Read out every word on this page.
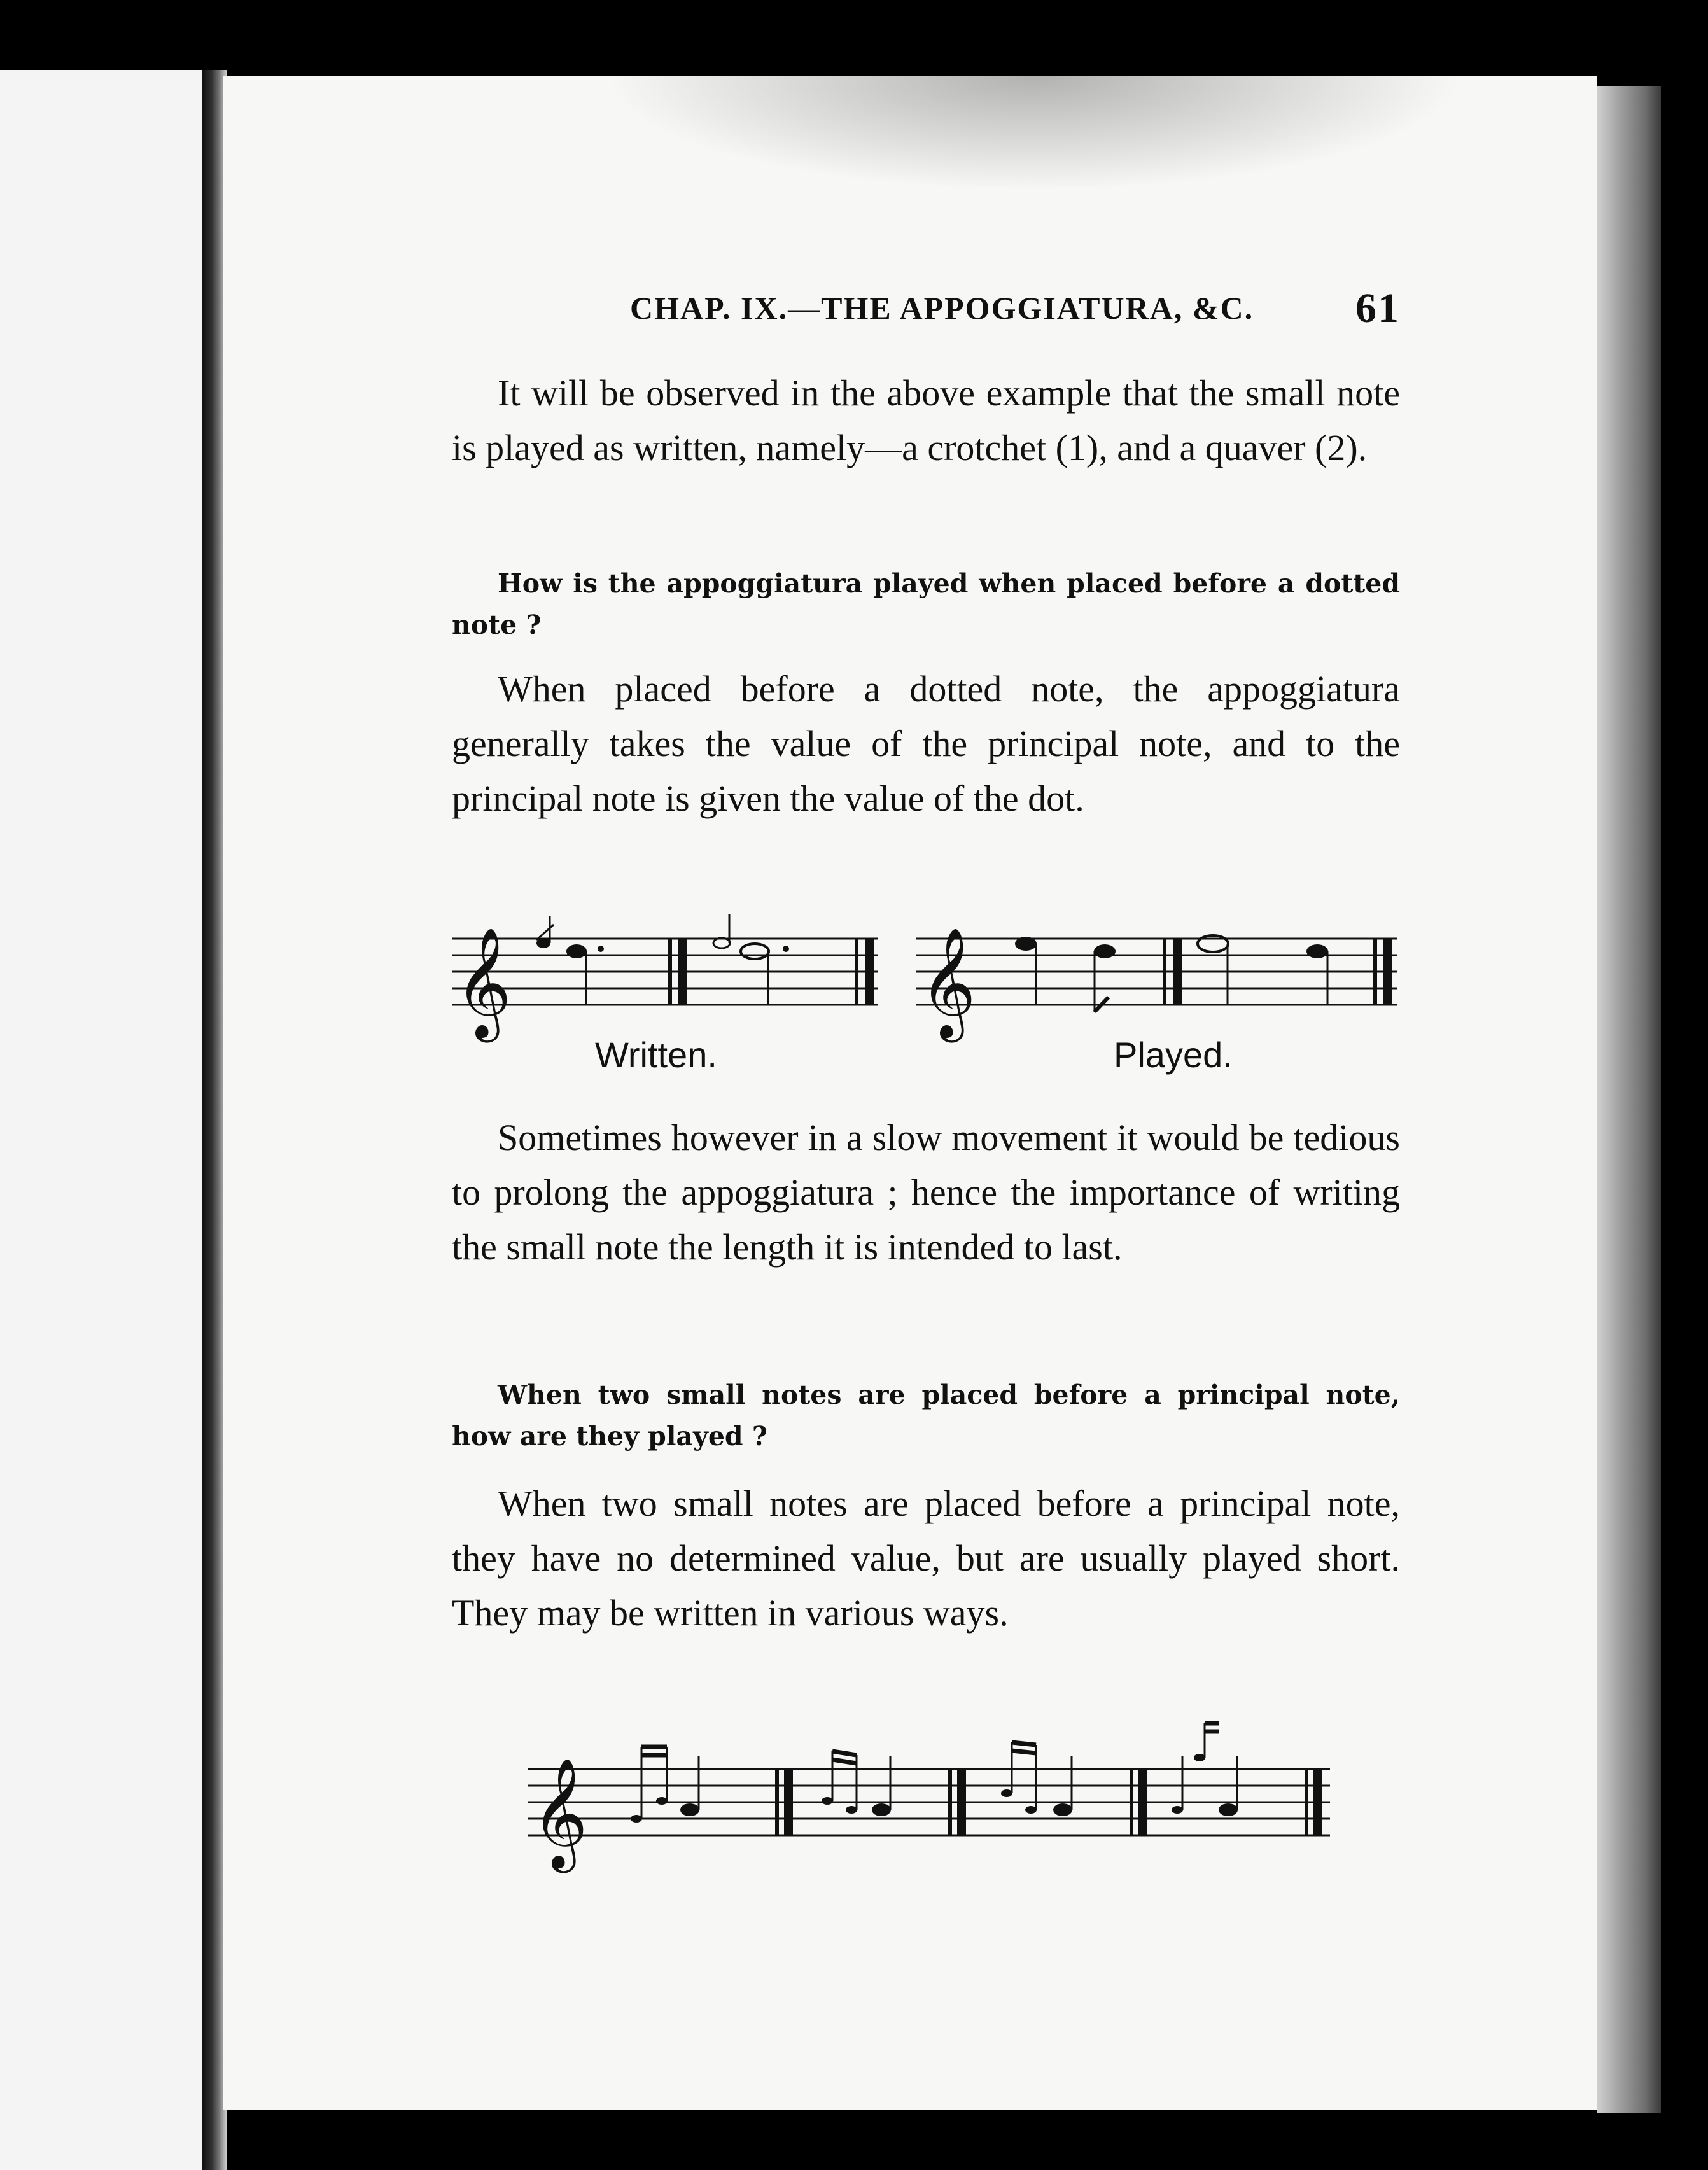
CHAP. IX.—THE APPOGGIATURA, &C. 61

It will be observed in the above example that the small note is played as written, namely—a crotchet (1), and a quaver (2).

How is the appoggiatura played when placed before a dotted note ?

When placed before a dotted note, the appoggiatura generally takes the value of the principal note, and to the principal note is given the value of the dot.

𝄞
Written.
𝄞
Played.

Sometimes however in a slow movement it would be tedious to prolong the appoggiatura ; hence the importance of writing the small note the length it is intended to last.

When two small notes are placed before a principal note, how are they played ?

When two small notes are placed before a principal note, they have no determined value, but are usually played short. They may be written in various ways.

𝄞
